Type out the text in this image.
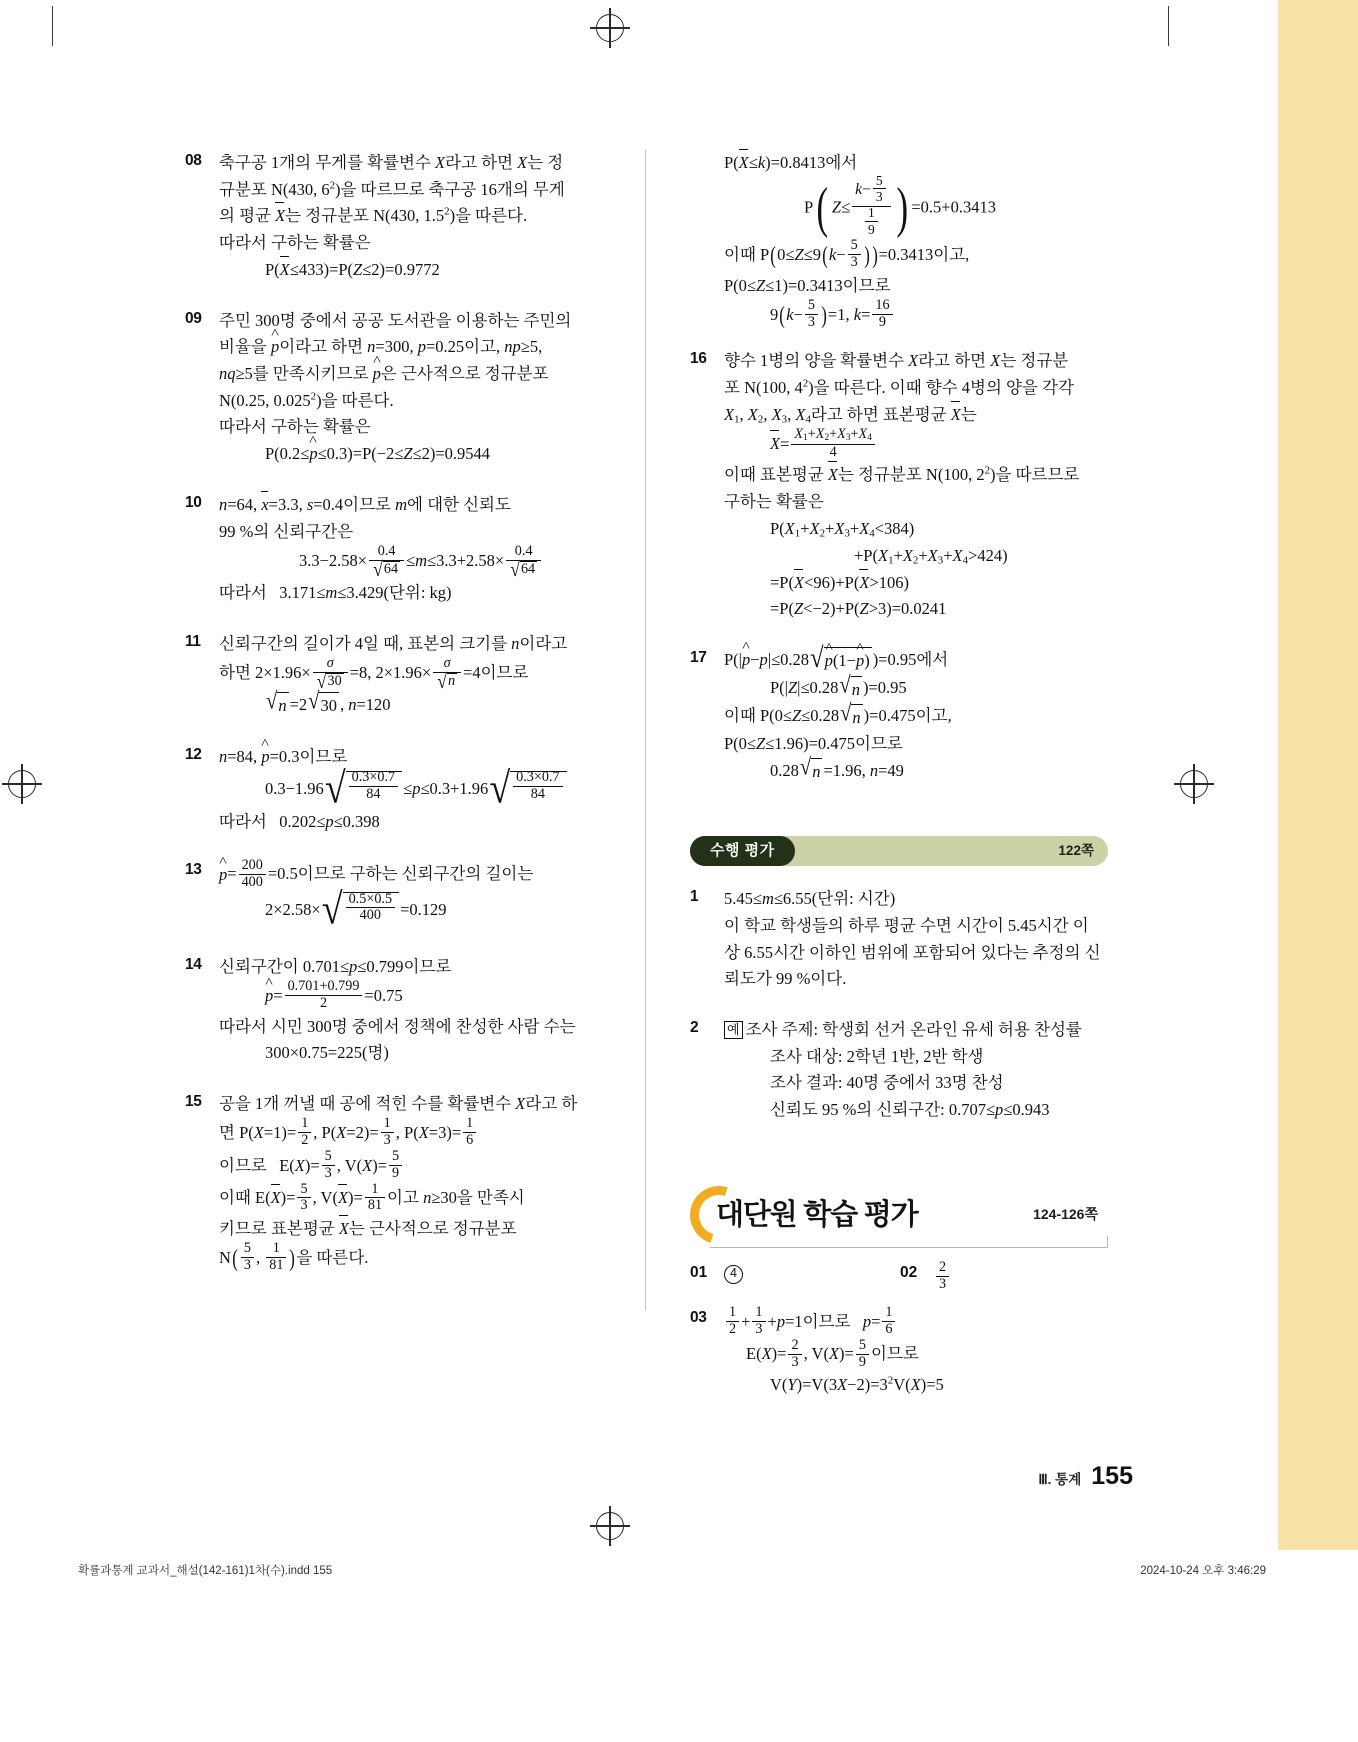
08	축구공 1개의 무게를 확률변수 X라고 하면 X는 정
규분포 N(430, $6^2$)을 따르므로 축구공 16개의 무게
의 평균 X는 정규분포 N(430, $1.5^2$)을 따른다.
따라서 구하는 확률은
P(X≤433)=P(Z≤2)=0.9772
09	주민 300명 중에서 공공 도서관을 이용하는 주민의
비율을 ^ p이라고 하면 n=300, p=0.25이고, np≥5,
nq≥5를 만족시키므로 ^ p은 근사적으로 정규분포
N(0.25, 0.025$^2$)을 따른다.
따라서 구하는 확률은
P(0.2≤^ p≤0.3)=P(−2≤Z≤2)=0.9544
10	n=64, x=3.3, s=0.4이므로 m에 대한 신뢰도
99 %의 신뢰구간은
$3.3-2.58\times \frac{0.4}{√ 64} \le m\le 3.3+2.58\times \frac{0.4}{√ 64}$
따라서   3.171≤m≤3.429(단위: kg)
11	신뢰구간의 길이가 4일 때, 표본의 크기를 n이라고
하면 $2\times 1.96\times \frac{\sigma}{√ 30} =8$, $2\times 1.96\times \frac{\sigma}{√ n} =4$이므로
√ n =2 √ 30 , n=120
12	n=84, ^ p=0.3이므로
0.3−1.96 √ $\frac{0.3\times 0.7}{84} \le p\le 0.3+1.96$ √ $\frac{0.3\times 0.7}{84}$
따라서   0.202≤p≤0.398
13	^ $p= \frac{200}{400} =0.5$이므로 구하는 신뢰구간의 길이는
2×2.58× √ $\frac{0.5\times 0.5}{400} =0.129$
14	신뢰구간이 0.701≤p≤0.799이므로
^ $p= \frac{0.701+0.799}{2} =0.75$
따라서 시민 300명 중에서 정책에 찬성한 사람 수는
300×0.75=225(명)
15	공을 1개 꺼낼 때 공에 적힌 수를 확률변수 X라고 하
면 $P(X=1)= \frac{1}{2}$ , $P(X=2)= \frac{1}{3}$ , $P(X=3)= \frac{1}{6}$
이므로   $E(X)= \frac{5}{3}$ , $V(X)= \frac{5}{9}$
이때 $E(X)= \frac{5}{3}$ , $V(X)= \frac{1}{81}$ 이고 n≥30을 만족시
키므로 표본평균 X는 근사적으로 정규분포
$N( \frac{5}{3}$ , $\frac{1}{81}$ )을 따른다.
P(X≤k)=0.8413에서
P( $Z\le \frac{k- \frac{5}{3}}{\frac{1}{9}}$ ) =0.5+0.3413
이때 $P(0\le Z\le 9(k- \frac{5}{3} ))=0.3413$이고,
P(0≤Z≤1)=0.3413이므로
$9(k- \frac{5}{3} )=1$, $k= \frac{16}{9}$
16	향수 1병의 양을 확률변수 X라고 하면 X는 정규분
포 N(100, $4^2$)을 따른다. 이때 향수 4병의 양을 각각
$X_1$, $X_2$, $X_3$, $X_4$라고 하면 표본평균 X는
$X= \frac{X_1+X_2+X_3+X_4}{4}$
이때 표본평균 X는 정규분포 N(100, $2^2$)을 따르므로
구하는 확률은
$P(X_1+X_2+X_3+X_4<384)$
$+P(X_1+X_2+X_3+X_4>424)$
=P(X<96)+P(X>106)
=P(Z<−2)+P(Z>3)=0.0241
17	P(|^ p−p|≤0.28 √ ^ p(1−^ p) )=0.95에서
P(|Z|≤0.28 √ n )=0.95
이때 P(0≤Z≤0.28 √ n )=0.475이고,
P(0≤Z≤1.96)=0.475이므로
0.28 √ n =1.96, n=49
수행 평가	122쪽
1	5.45≤m≤6.55(단위: 시간)
이 학교 학생들의 하루 평균 수면 시간이 5.45시간 이
상 6.55시간 이하인 범위에 포함되어 있다는 추정의 신
뢰도가 99 %이다.
2	예 조사 주제: 학생회 선거 온라인 유세 허용 찬성률
조사 대상: 2학년 1반, 2반 학생
조사 결과: 40명 중에서 33명 찬성
신뢰도 95 %의 신뢰구간: 0.707≤p≤0.943
대단원 학습 평가	124-126쪽
01	4	02	$\frac{2}{3}$
03	$\frac{1}{2} + \frac{1}{3} +p=1$이므로   $p= \frac{1}{6}$
$E(X)= \frac{2}{3}$ , $V(X)= \frac{5}{9}$ 이므로
$V(Y)=V(3X-2)=3^2V(X)=5$
Ⅲ. 통계 155
확률과통계 교과서_해설(142-161)1차(수).indd 155	2024-10-24 오후 3:46:29
